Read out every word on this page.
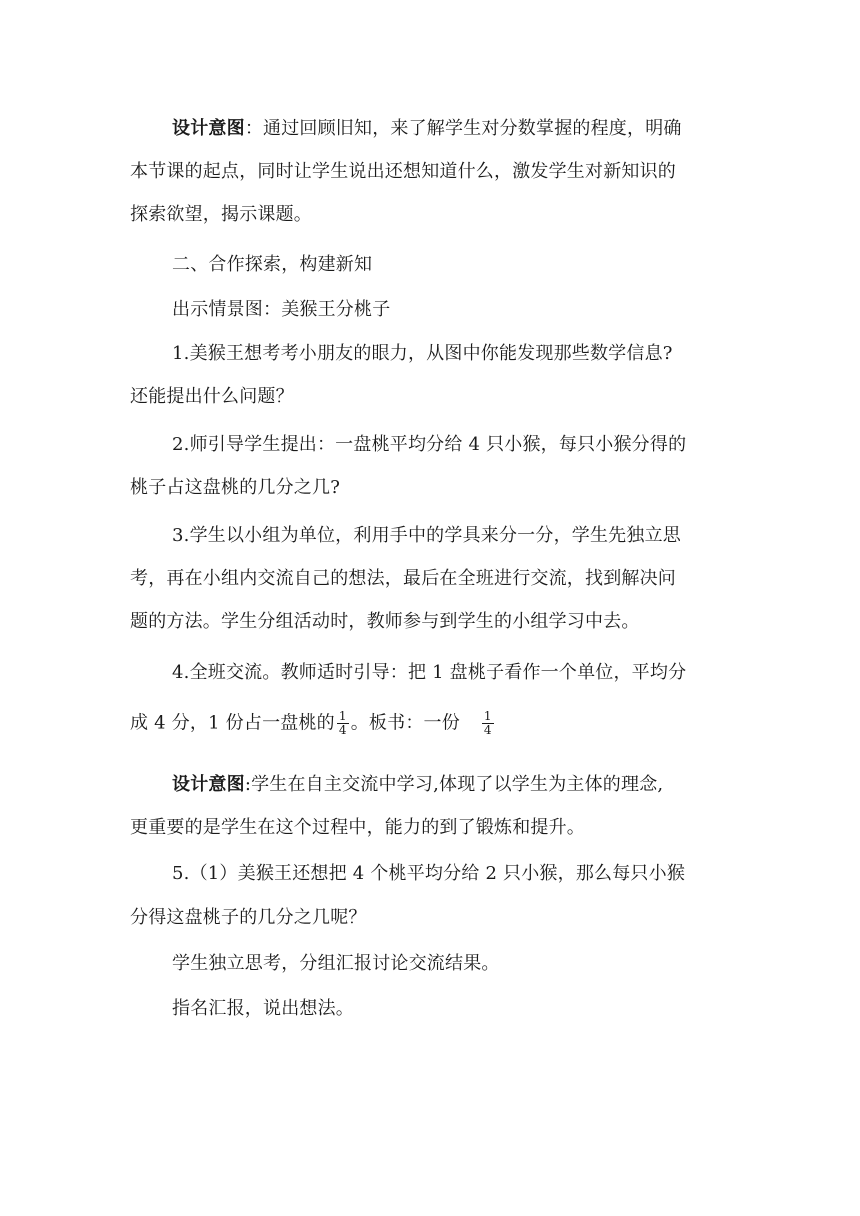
设计意图：通过回顾旧知，来了解学生对分数掌握的程度，明确
本节课的起点，同时让学生说出还想知道什么，激发学生对新知识的
探索欲望，揭示课题。
二、合作探索，构建新知
出示情景图：美猴王分桃子
1.美猴王想考考小朋友的眼力，从图中你能发现那些数学信息?
还能提出什么问题？
2.师引导学生提出：一盘桃平均分给 4 只小猴，每只小猴分得的
桃子占这盘桃的几分之几?
3.学生以小组为单位，利用手中的学具来分一分，学生先独立思
考，再在小组内交流自己的想法，最后在全班进行交流，找到解决问
题的方法。学生分组活动时，教师参与到学生的小组学习中去。
4.全班交流。教师适时引导：把 1 盘桃子看作一个单位，平均分
成 4 分，1 份占一盘桃的 $\frac{1}{4}$ 。板书：一份 $\frac{1}{4}$
设计意图:学生在自主交流中学习,体现了以学生为主体的理念,
更重要的是学生在这个过程中，能力的到了锻炼和提升。
5.（1）美猴王还想把 4 个桃平均分给 2 只小猴，那么每只小猴
分得这盘桃子的几分之几呢？
学生独立思考，分组汇报讨论交流结果。
指名汇报，说出想法。
